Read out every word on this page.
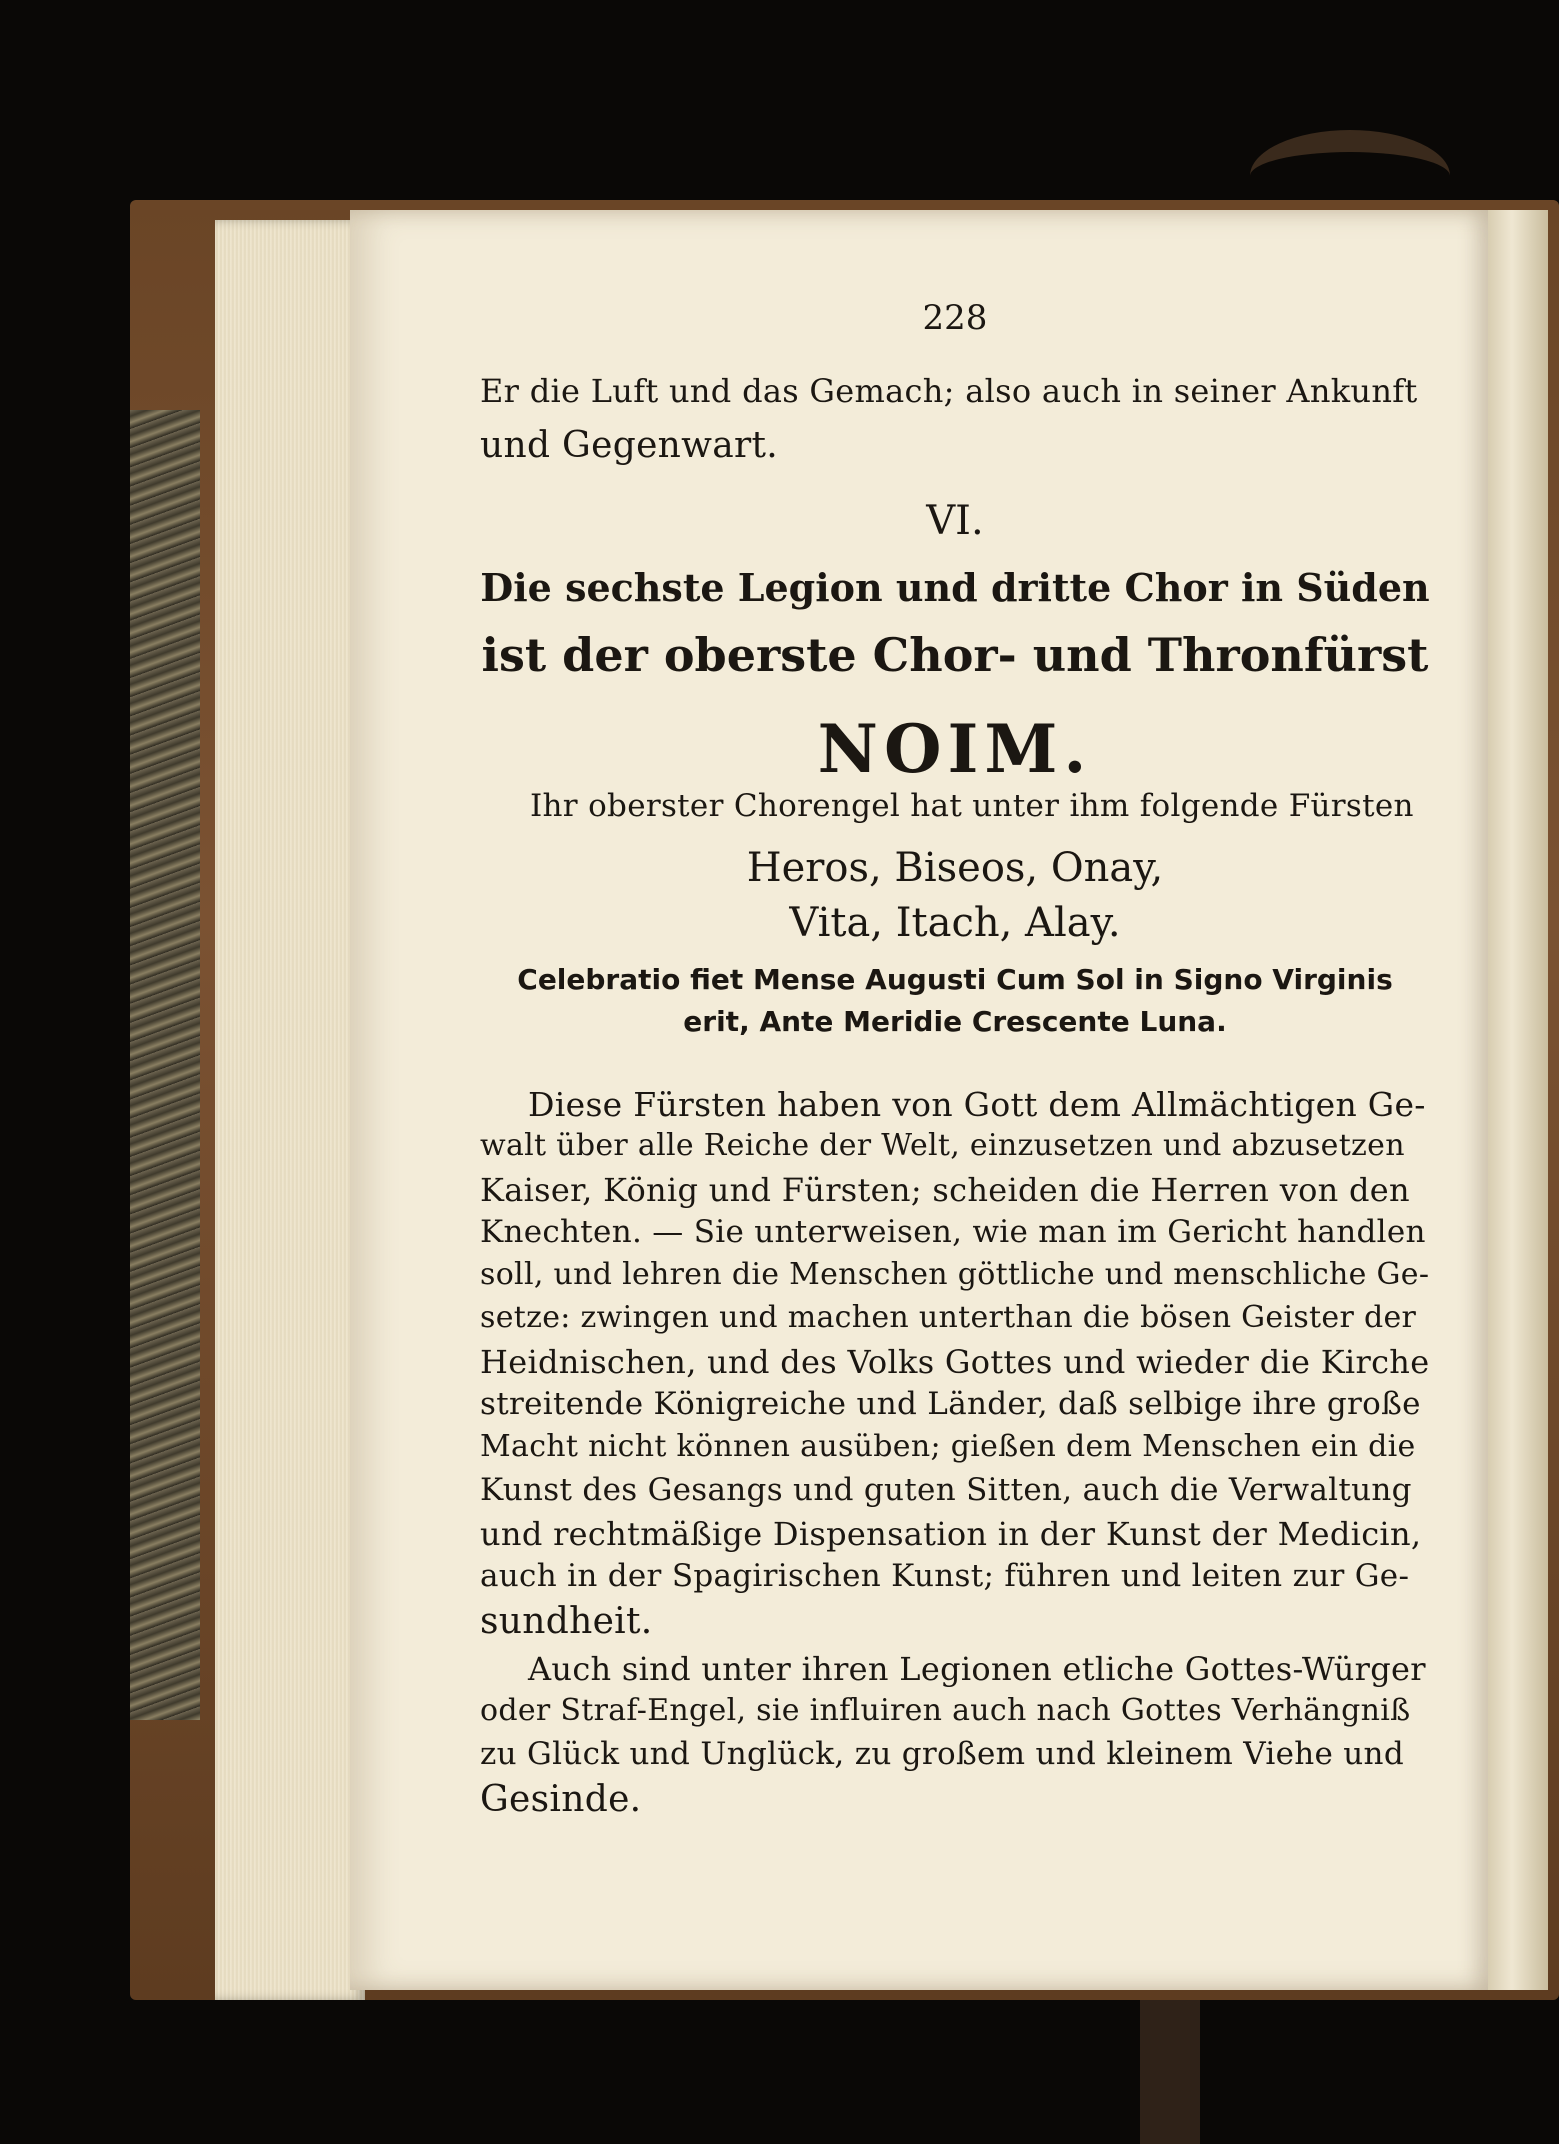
228
Er die Luft und das Gemach; also auch in seiner Ankunft
und Gegenwart.
VI.
Die sechste Legion und dritte Chor in Süden
ist der oberste Chor- und Thronfürst
NOIM.
Ihr oberster Chorengel hat unter ihm folgende Fürsten
Heros, Biseos, Onay,
Vita, Itach, Alay.
Celebratio fiet Mense Augusti Cum Sol in Signo Virginis
erit, Ante Meridie Crescente Luna.
Diese Fürsten haben von Gott dem Allmächtigen Ge-
walt über alle Reiche der Welt, einzusetzen und abzusetzen
Kaiser, König und Fürsten; scheiden die Herren von den
Knechten. — Sie unterweisen, wie man im Gericht handlen
soll, und lehren die Menschen göttliche und menschliche Ge-
setze: zwingen und machen unterthan die bösen Geister der
Heidnischen, und des Volks Gottes und wieder die Kirche
streitende Königreiche und Länder, daß selbige ihre große
Macht nicht können ausüben; gießen dem Menschen ein die
Kunst des Gesangs und guten Sitten, auch die Verwaltung
und rechtmäßige Dispensation in der Kunst der Medicin,
auch in der Spagirischen Kunst; führen und leiten zur Ge-
sundheit.
Auch sind unter ihren Legionen etliche Gottes-Würger
oder Straf-Engel, sie influiren auch nach Gottes Verhängniß
zu Glück und Unglück, zu großem und kleinem Viehe und
Gesinde.
